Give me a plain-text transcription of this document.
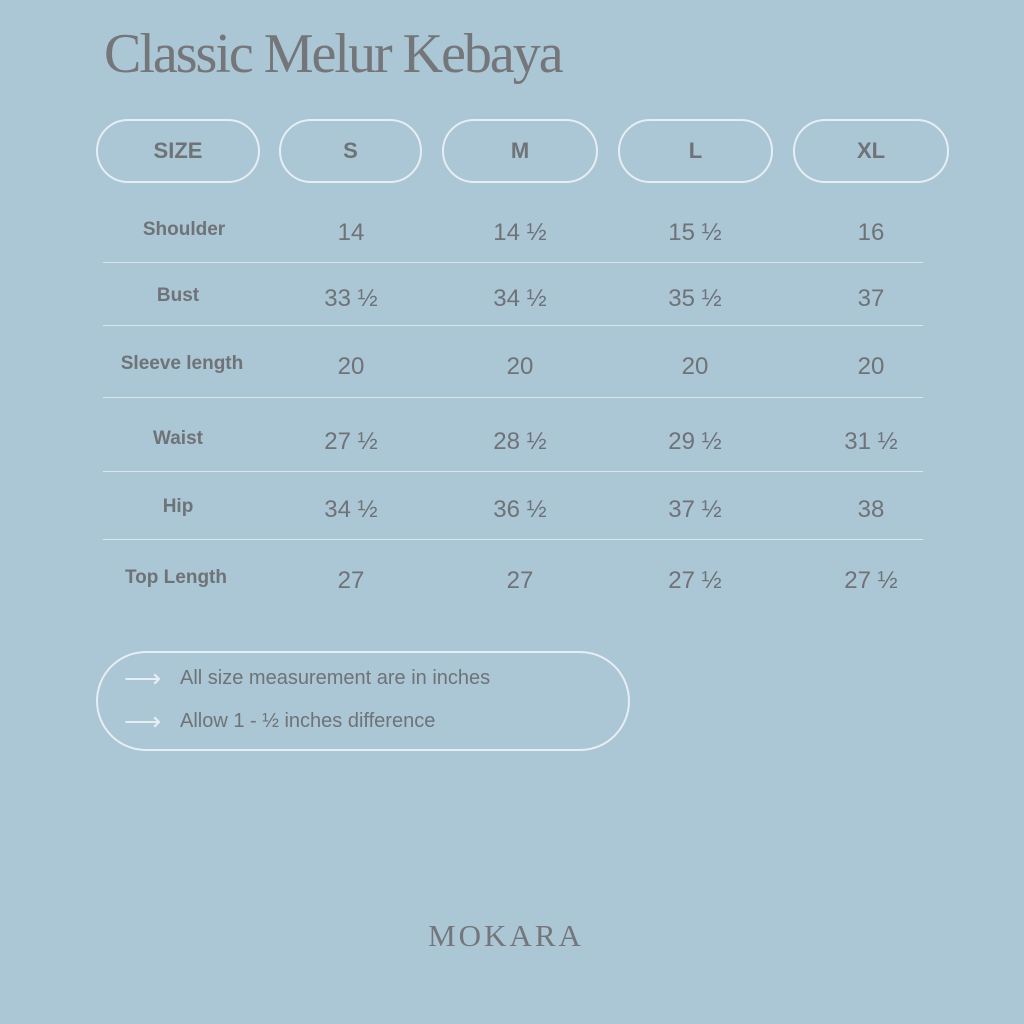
Classic Melur Kebaya
SIZE	S	M	L	XL
Shoulder	14	14 ½	15 ½	16
Bust	33 ½	34 ½	35 ½	37
Sleeve length	20	20	20	20
Waist	27 ½	28 ½	29 ½	31 ½
Hip	34 ½	36 ½	37 ½	38
Top Length	27	27	27 ½	27 ½
⟶ All size measurement are in inches
⟶ Allow 1 - ½ inches difference
MOKARA
